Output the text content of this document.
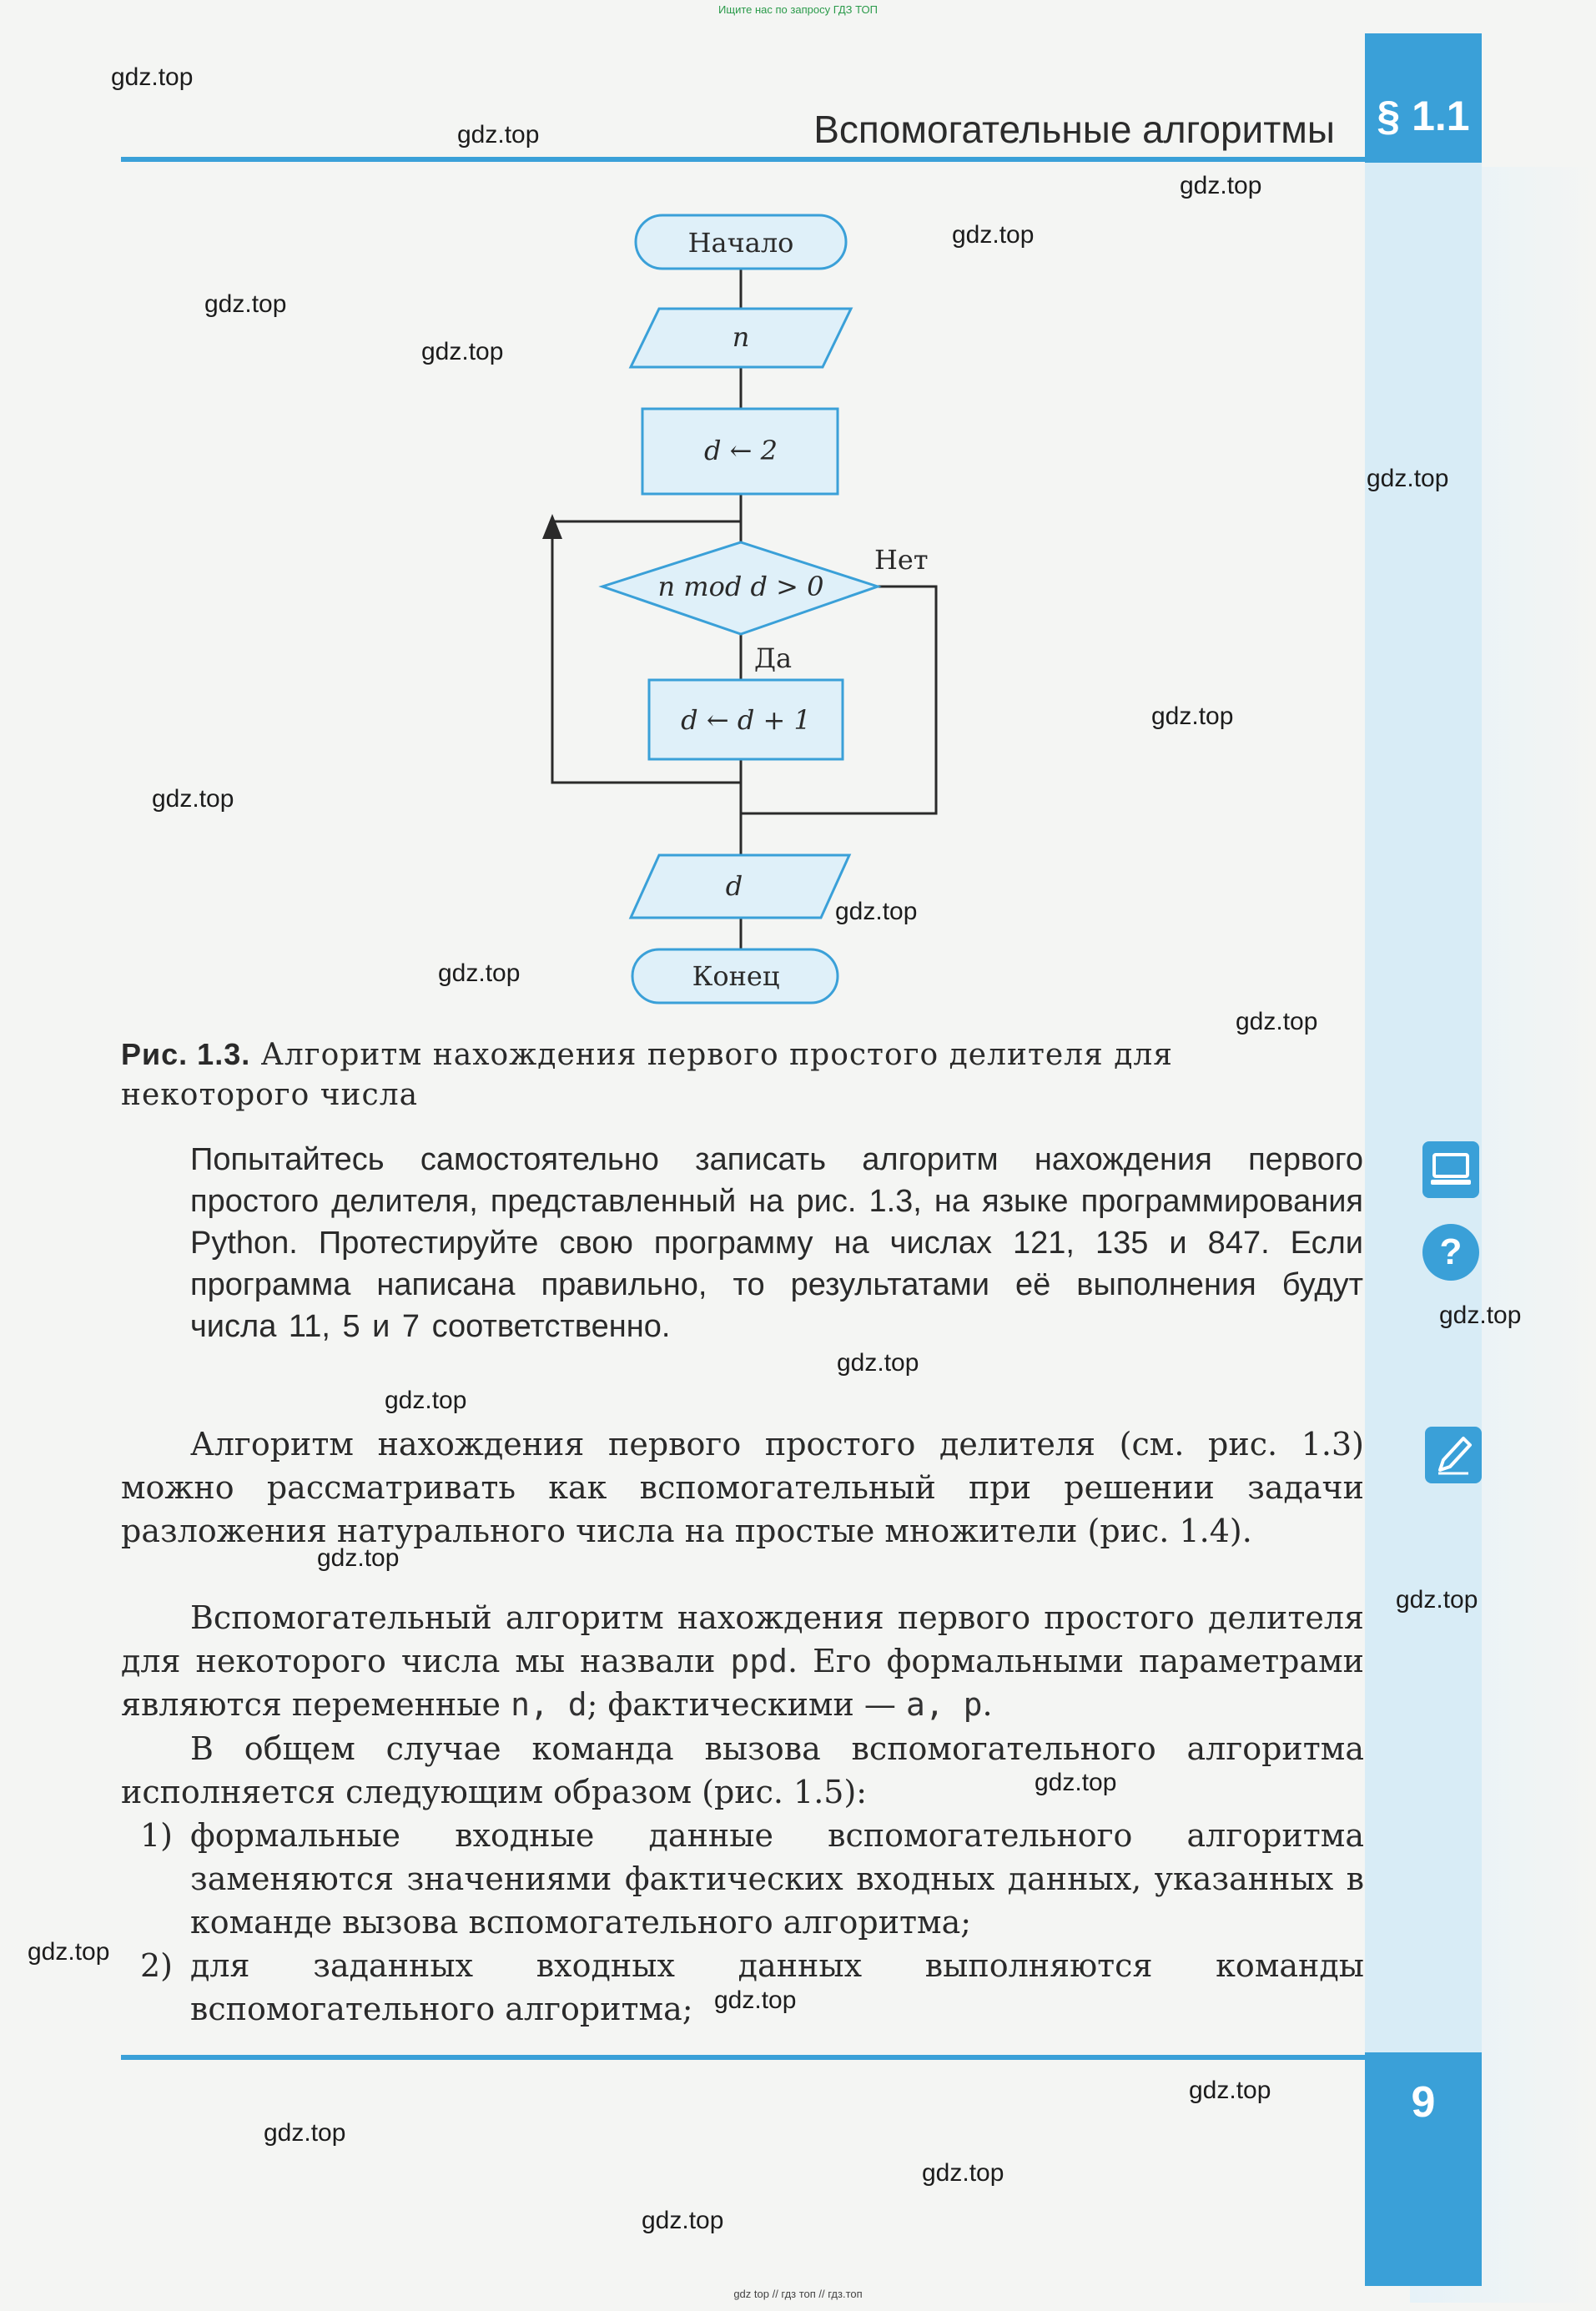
Ищите нас по запросу ГДЗ ТОП
§ 1.1
Вспомогательные алгоритмы
Начало
n
d ← 2
n mod d > 0
Нет
Да
d ← d + 1
d
Конец
Рис. 1.3. Алгоритм нахождения первого простого делителя для некоторого числа
Попытайтесь самостоятельно записать алгоритм нахождения первого простого делителя, представленный на рис. 1.3, на языке программирования Python. Протестируйте свою программу на числах 121, 135 и 847. Если программа написана правильно, то результатами её выполнения будут числа 11, 5 и 7 соответственно.
Алгоритм нахождения первого простого делителя (см. рис. 1.3) можно рассматривать как вспомогательный при решении задачи разложения натурального числа на простые множители (рис. 1.4).
Вспомогательный алгоритм нахождения первого простого делителя для некоторого числа мы назвали ppd. Его формальными параметрами являются переменные n, d; фактическими — a, p.
В общем случае команда вызова вспомогательного алгоритма исполняется следующим образом (рис. 1.5):
1) формальные входные данные вспомогательного алгоритма заменяются значениями фактических входных данных, указанных в команде вызова вспомогательного алгоритма;
2) для заданных входных данных выполняются команды вспомогательного алгоритма;
?
9
gdz.top
gdz.top
gdz.top
gdz.top
gdz.top
gdz.top
gdz.top
gdz.top
gdz.top
gdz.top
gdz.top
gdz.top
gdz.top
gdz.top
gdz.top
gdz.top
gdz.top
gdz.top
gdz.top
gdz.top
gdz.top
gdz.top
gdz.top
gdz.top
gdz top // гдз топ // гдз.топ
